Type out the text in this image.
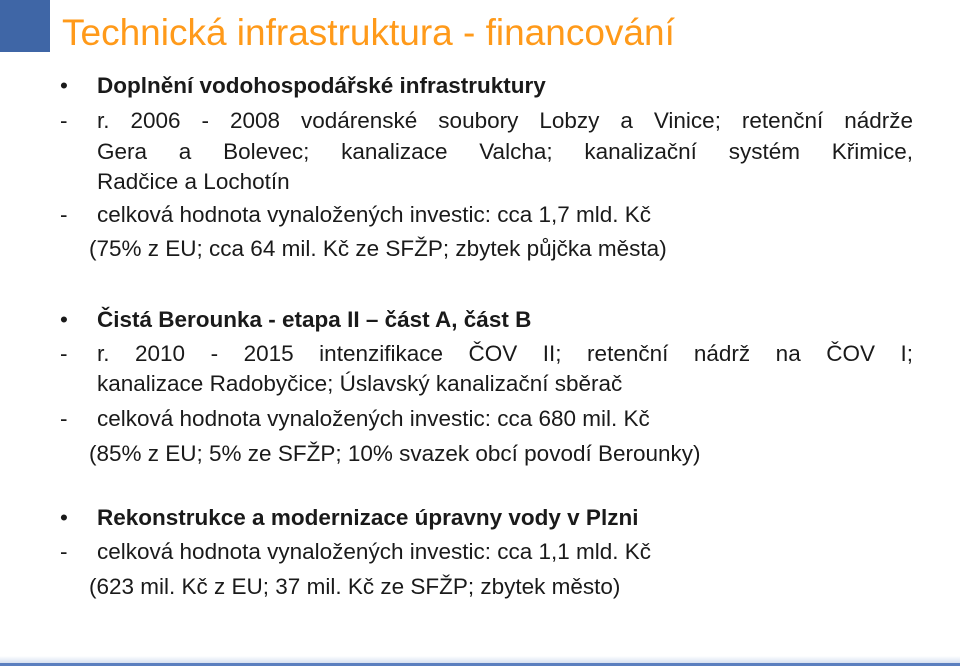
Technická infrastruktura - financování
•	Doplnění vodohospodářské infrastruktury
-	r. 2006 - 2008 vodárenské soubory Lobzy a Vinice; retenční nádrže
Gera a Bolevec; kanalizace Valcha; kanalizační systém Křimice,
Radčice a Lochotín
-	celková hodnota vynaložených investic: cca 1,7 mld. Kč
(75% z EU; cca 64 mil. Kč ze SFŽP; zbytek půjčka města)
•	Čistá Berounka - etapa II – část A, část B
-	r. 2010 - 2015 intenzifikace ČOV II; retenční nádrž na ČOV I;
kanalizace Radobyčice; Úslavský kanalizační sběrač
-	celková hodnota vynaložených investic: cca 680 mil. Kč
(85% z EU; 5% ze SFŽP; 10% svazek obcí povodí Berounky)
•	Rekonstrukce a modernizace úpravny vody v Plzni
-	celková hodnota vynaložených investic: cca 1,1 mld. Kč
(623 mil. Kč z EU; 37 mil. Kč ze SFŽP; zbytek město)
